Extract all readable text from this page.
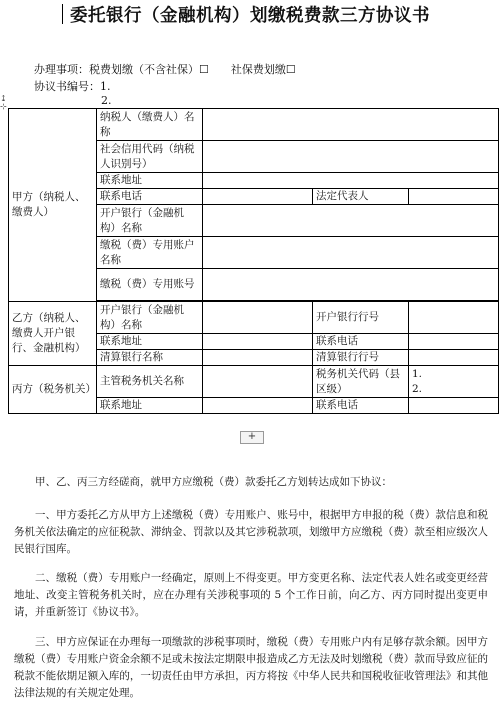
委托银行（金融机构）划缴税费款三方协议书
办理事项：税费划缴（不含社保）☐　　社保费划缴☐
协议书编号：1.
↨
⊹	2.
甲方（纳税人、缴费人）	纳税人（缴费人）名称			
	社会信用代码（纳税人识别号）			
	联系地址			
	联系电话		法定代表人	
	开户银行（金融机构）名称			
	缴税（费）专用账户名称			
	缴税（费）专用账号			

乙方（纳税人、缴费人开户银行、金融机构）	开户银行（金融机构）名称		开户银行行号	
	联系地址		联系电话	
	清算银行名称		清算银行行号	
丙方（税务机关）	主管税务机关名称		税务机关代码（县区级）	1.
2.

	联系地址		联系电话	
+
甲、乙、丙三方经磋商，就甲方应缴税（费）款委托乙方划转达成如下协议：
一、甲方委托乙方从甲方上述缴税（费）专用账户、账号中，根据甲方申报的税（费）款信息和税务机关依法确定的应征税款、滞纳金、罚款以及其它涉税款项，划缴甲方应缴税（费）款至相应级次人民银行国库。
二、缴税（费）专用账户一经确定，原则上不得变更。甲方变更名称、法定代表人姓名或变更经营地址、改变主管税务机关时，应在办理有关涉税事项的 5 个工作日前，向乙方、丙方同时提出变更申请，并重新签订《协议书》。
三、甲方应保证在办理每一项缴款的涉税事项时，缴税（费）专用账户内有足够存款余额。因甲方缴税（费）专用账户资金余额不足或未按法定期限申报造成乙方无法及时划缴税（费）款而导致应征的税款不能依期足额入库的，一切责任由甲方承担，丙方将按《中华人民共和国税收征收管理法》和其他法律法规的有关规定处理。
